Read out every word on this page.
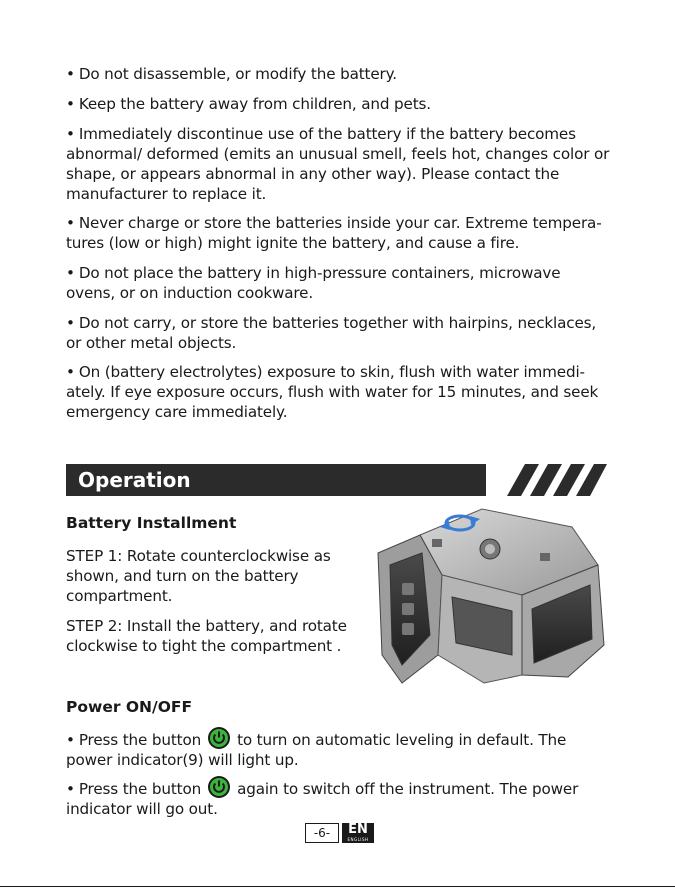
• Do not disassemble, or modify the battery.
• Keep the battery away from children, and pets.
• Immediately discontinue use of the battery if the battery becomes abnormal/ deformed (emits an unusual smell, feels hot, changes color or shape, or appears abnormal in any other way). Please contact the manufacturer to replace it.
• Never charge or store the batteries inside your car. Extreme tempera-tures (low or high) might ignite the battery, and cause a fire.
• Do not place the battery in high-pressure containers, microwave ovens, or on induction cookware.
• Do not carry, or store the batteries together with hairpins, necklaces, or other metal objects.
• On (battery electrolytes) exposure to skin, flush with water immedi-ately. If eye exposure occurs, flush with water for 15 minutes, and seek emergency care immediately.
Operation
Battery Installment
STEP 1: Rotate counterclockwise as shown, and turn on the battery compartment.
STEP 2: Install the battery, and rotate clockwise to tight the compartment .
Power ON/OFF
• Press the button to turn on automatic leveling in default. The power indicator(9) will light up.
• Press the button again to switch off the instrument. The power indicator will go out.
-6-	EN
ENGLISH
